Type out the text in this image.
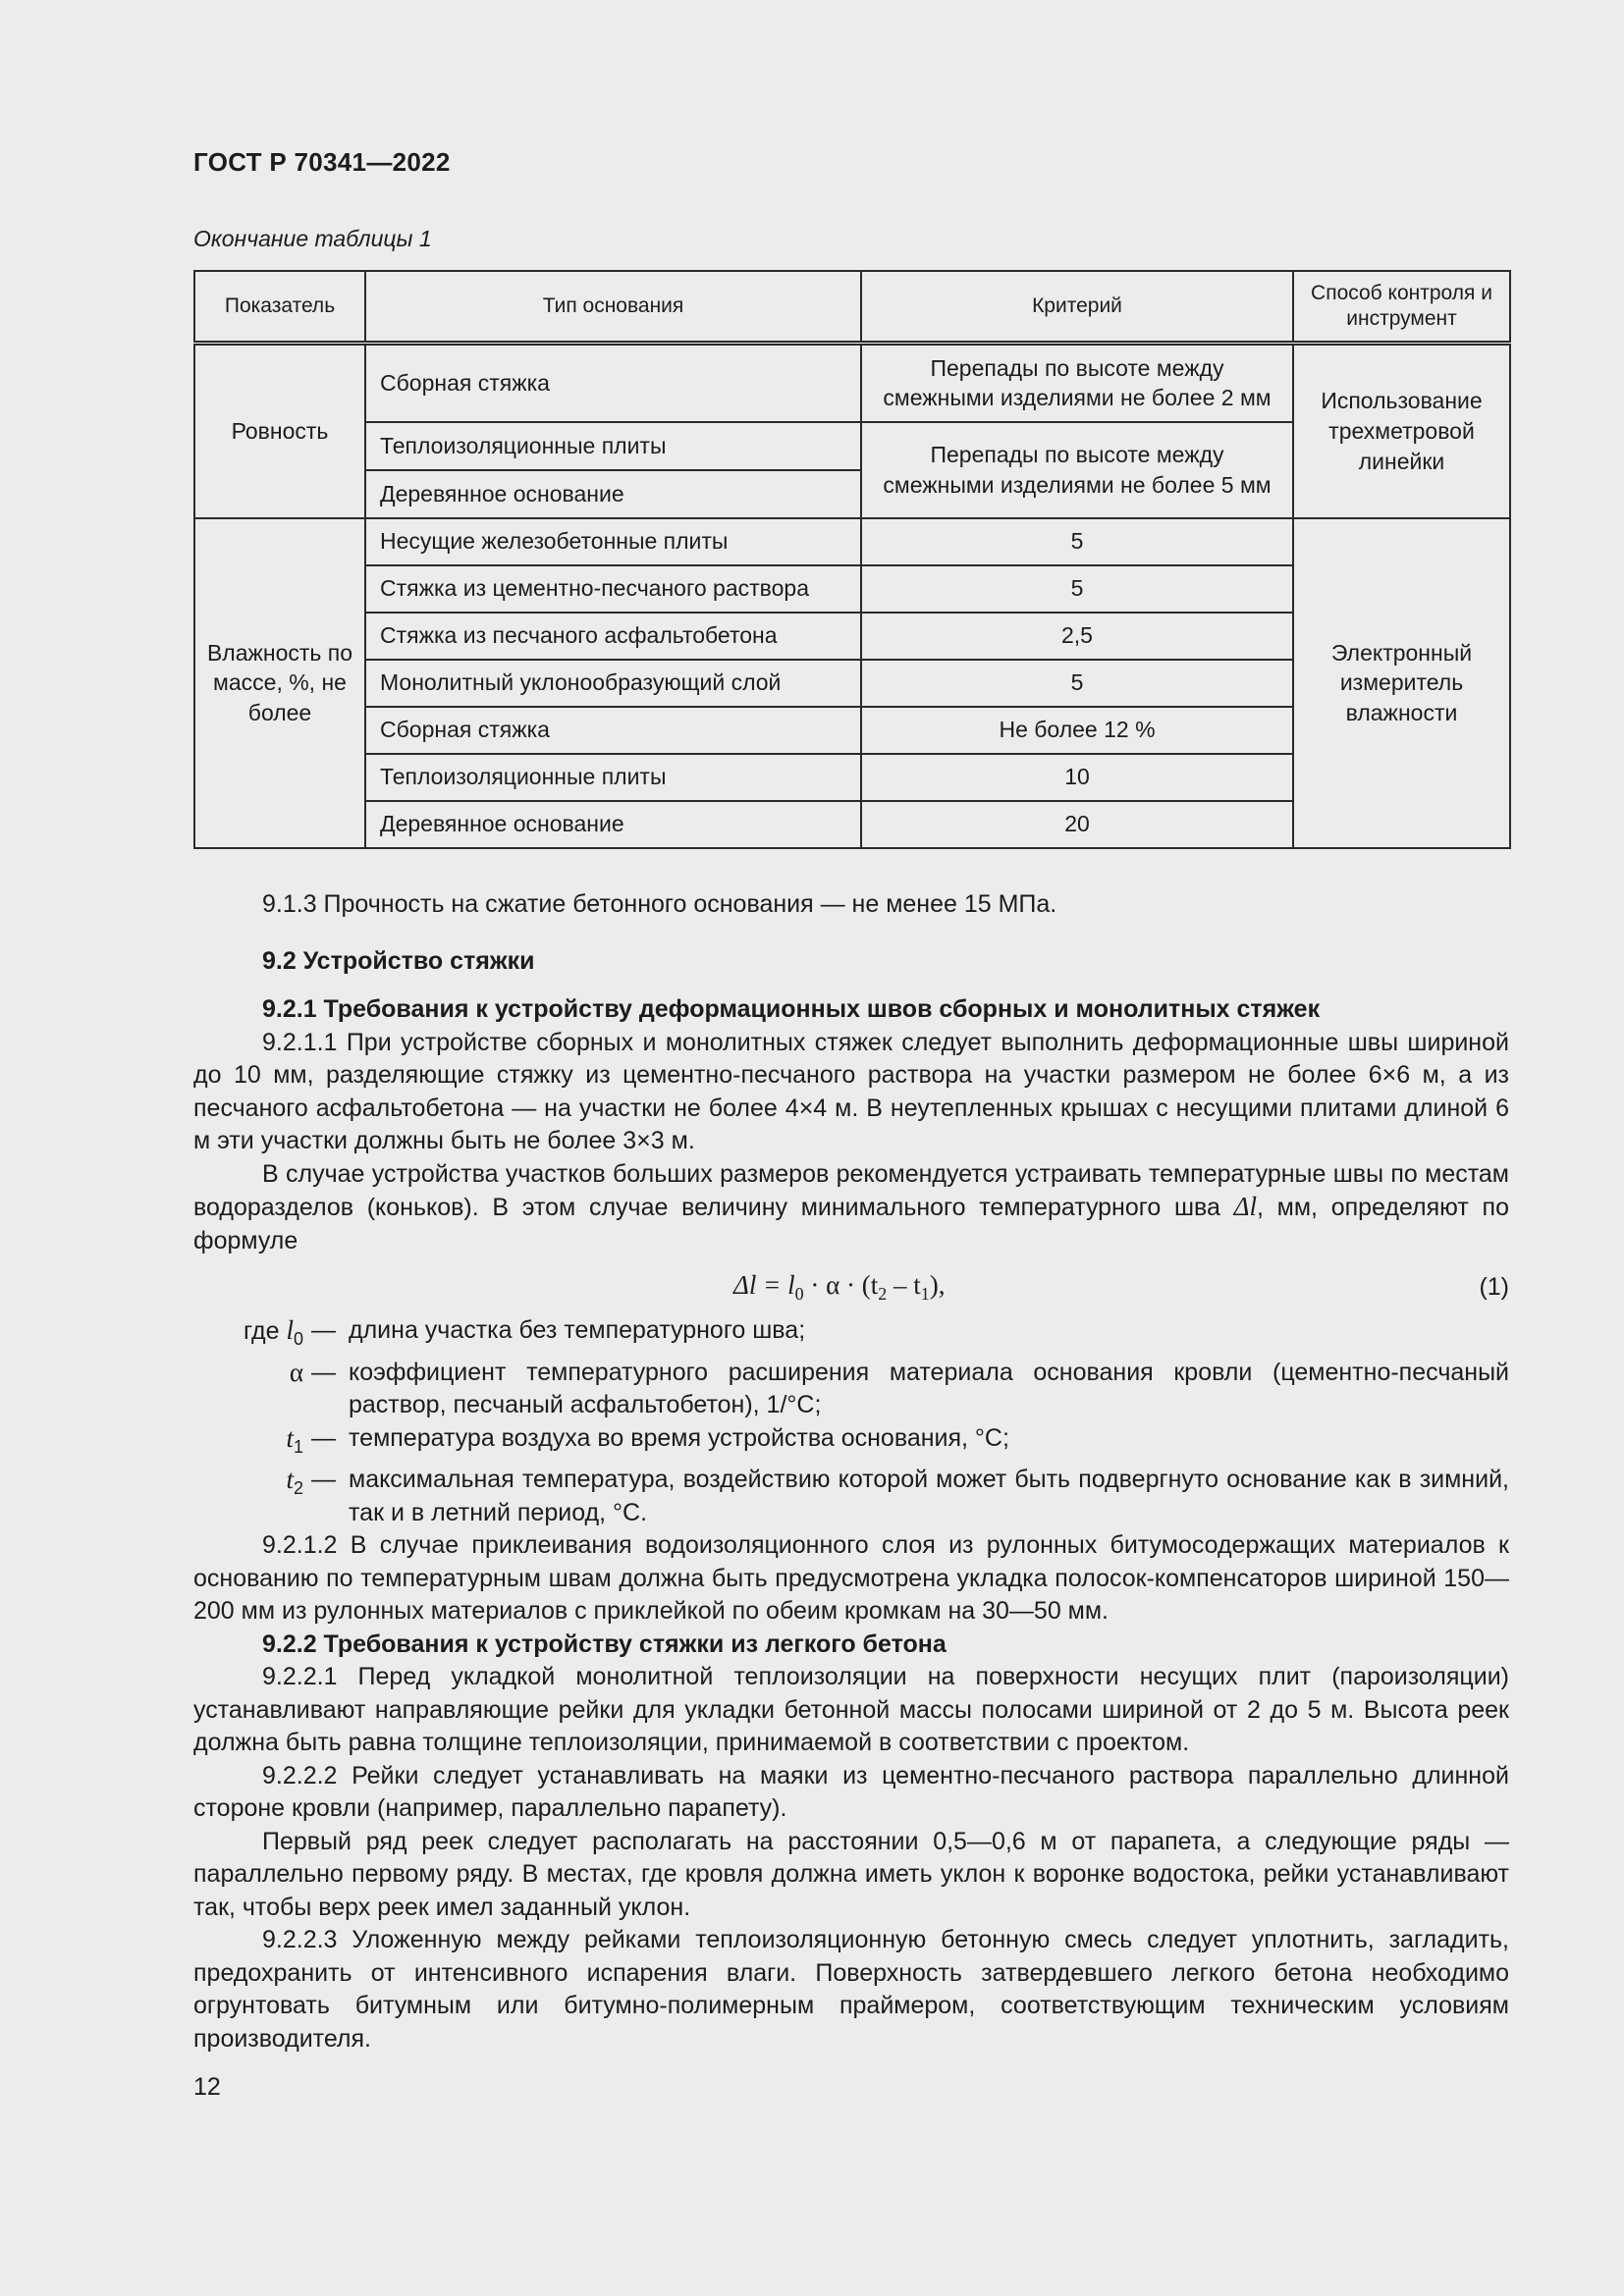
ГОСТ Р 70341—2022
Окончание таблицы 1
Показатель	Тип основания	Критерий	Способ контроля и инструмент
Ровность	Сборная стяжка	Перепады по высоте между смежными изделиями не более 2 мм	Использование трехметровой линейки
	Теплоизоляционные плиты	Перепады по высоте между смежными изделиями не более 5 мм	
	Деревянное основание		
Влажность по массе, %, не более	Несущие железобетонные плиты	5	Электронный измеритель влажности
	Стяжка из цементно-песчаного раствора	5	
	Стяжка из песчаного асфальтобетона	2,5	
	Монолитный уклонообразующий слой	5	
	Сборная стяжка	Не более 12 %	
	Теплоизоляционные плиты	10	
	Деревянное основание	20	

9.1.3 Прочность на сжатие бетонного основания — не менее 15 МПа.

9.2 Устройство стяжки

9.2.1 Требования к устройству деформационных швов сборных и монолитных стяжек

9.2.1.1 При устройстве сборных и монолитных стяжек следует выполнить деформационные швы шириной до 10 мм, разделяющие стяжку из цементно-песчаного раствора на участки размером не более 6×6 м, а из песчаного асфальтобетона — на участки не более 4×4 м. В неутепленных крышах с несущими плитами длиной 6 м эти участки должны быть не более 3×3 м.

В случае устройства участков больших размеров рекомендуется устраивать температурные швы по местам водоразделов (коньков). В этом случае величину минимального температурного шва Δl, мм, определяют по формуле

$\Delta l = l_0 \cdot \alpha \cdot (t_2 - t_1)$,	(1)
где $l_0$ — длина участка без температурного шва;
α — коэффициент температурного расширения материала основания кровли (цементно-песчаный раствор, песчаный асфальтобетон), 1/°С;
$t_1$ — температура воздуха во время устройства основания, °С;
$t_2$ — максимальная температура, воздействию которой может быть подвергнуто основание как в зимний, так и в летний период, °С.

9.2.1.2 В случае приклеивания водоизоляционного слоя из рулонных битумосодержащих материалов к основанию по температурным швам должна быть предусмотрена укладка полосок-компенсаторов шириной 150—200 мм из рулонных материалов с приклейкой по обеим кромкам на 30—50 мм.

9.2.2 Требования к устройству стяжки из легкого бетона

9.2.2.1 Перед укладкой монолитной теплоизоляции на поверхности несущих плит (пароизоляции) устанавливают направляющие рейки для укладки бетонной массы полосами шириной от 2 до 5 м. Высота реек должна быть равна толщине теплоизоляции, принимаемой в соответствии с проектом.

9.2.2.2 Рейки следует устанавливать на маяки из цементно-песчаного раствора параллельно длинной стороне кровли (например, параллельно парапету).

Первый ряд реек следует располагать на расстоянии 0,5—0,6 м от парапета, а следующие ряды — параллельно первому ряду. В местах, где кровля должна иметь уклон к воронке водостока, рейки устанавливают так, чтобы верх реек имел заданный уклон.

9.2.2.3 Уложенную между рейками теплоизоляционную бетонную смесь следует уплотнить, загладить, предохранить от интенсивного испарения влаги. Поверхность затвердевшего легкого бетона необходимо огрунтовать битумным или битумно-полимерным праймером, соответствующим техническим условиям производителя.

12
